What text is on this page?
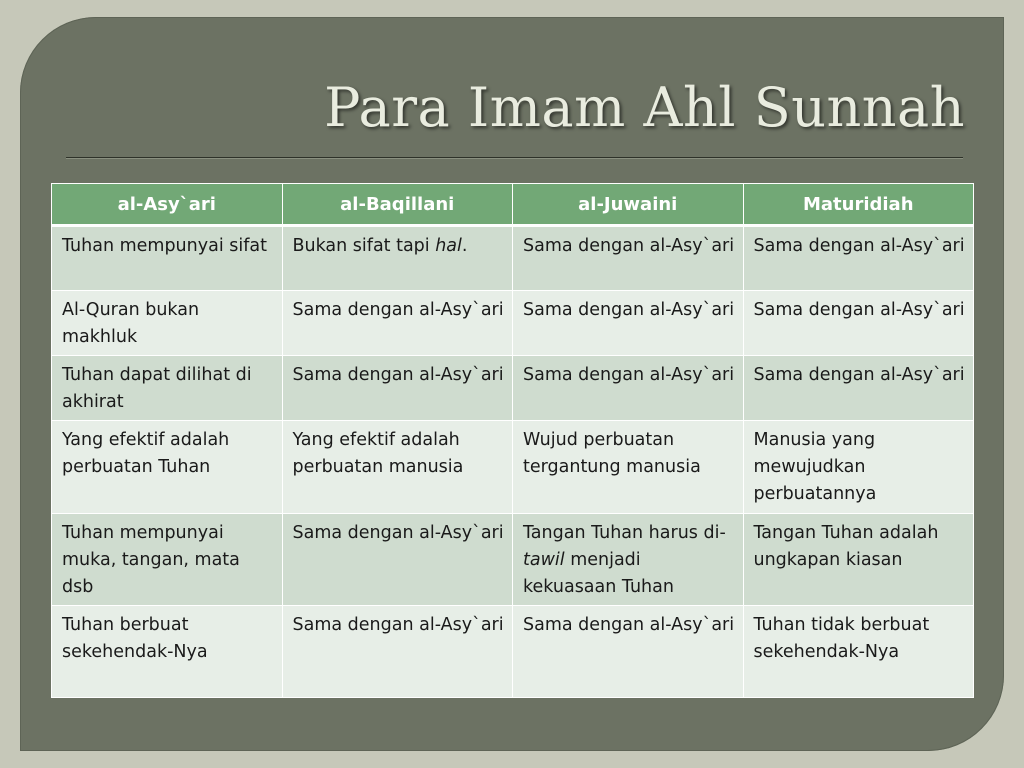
Para Imam Ahl Sunnah
al-Asy`ari	al-Baqillani	al-Juwaini	Maturidiah
Tuhan mempunyai sifat	Bukan sifat tapi hal.	Sama dengan al-Asy`ari	Sama dengan al-Asy`ari
Al-Quran bukan makhluk	Sama dengan al-Asy`ari	Sama dengan al-Asy`ari	Sama dengan al-Asy`ari
Tuhan dapat dilihat di akhirat	Sama dengan al-Asy`ari	Sama dengan al-Asy`ari	Sama dengan al-Asy`ari
Yang efektif adalah perbuatan Tuhan	Yang efektif adalah perbuatan manusia	Wujud perbuatan tergantung manusia	Manusia yang mewujudkan perbuatannya
Tuhan mempunyai muka, tangan, mata dsb	Sama dengan al-Asy`ari	Tangan Tuhan harus di-tawil menjadi kekuasaan Tuhan	Tangan Tuhan adalah ungkapan kiasan
Tuhan berbuat sekehendak-Nya	Sama dengan al-Asy`ari	Sama dengan al-Asy`ari	Tuhan tidak berbuat sekehendak-Nya
